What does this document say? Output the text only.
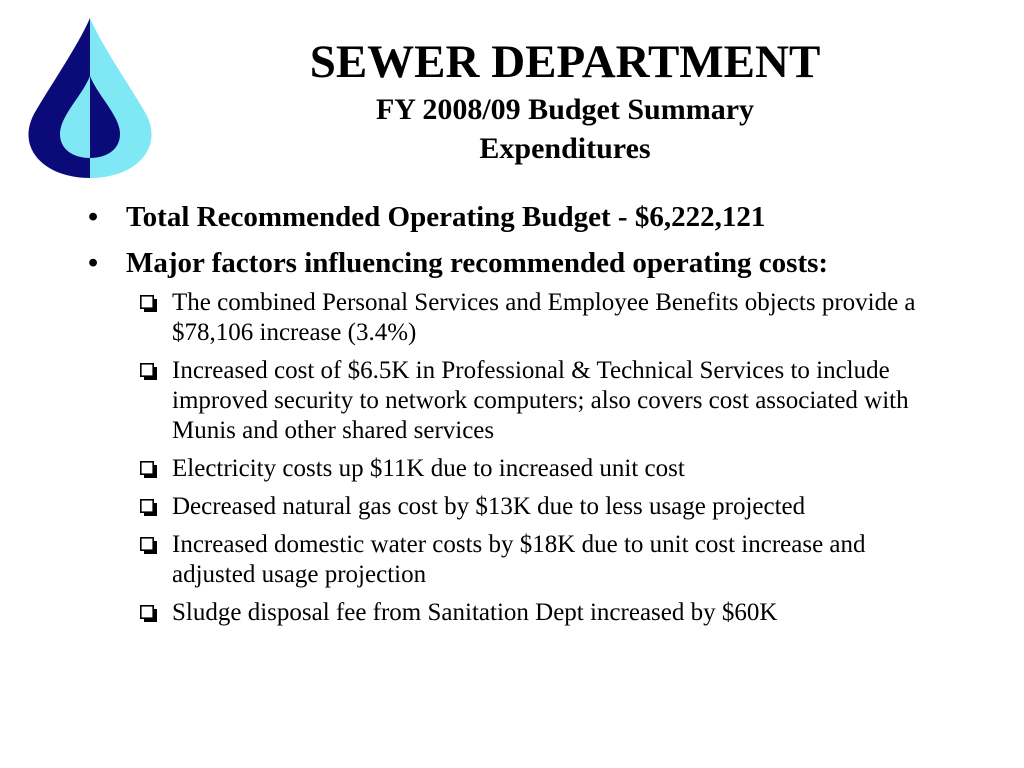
SEWER DEPARTMENT
FY 2008/09 Budget Summary
Expenditures
• Total Recommended Operating Budget - $6,222,121
• Major factors influencing recommended operating costs:
The combined Personal Services and Employee Benefits objects provide a $78,106 increase (3.4%)
Increased cost of $6.5K in Professional & Technical Services to include improved security to network computers; also covers cost associated with Munis and other shared services
Electricity costs up $11K due to increased unit cost
Decreased natural gas cost by $13K due to less usage projected
Increased domestic water costs by $18K due to unit cost increase and adjusted usage projection
Sludge disposal fee from Sanitation Dept increased by $60K
